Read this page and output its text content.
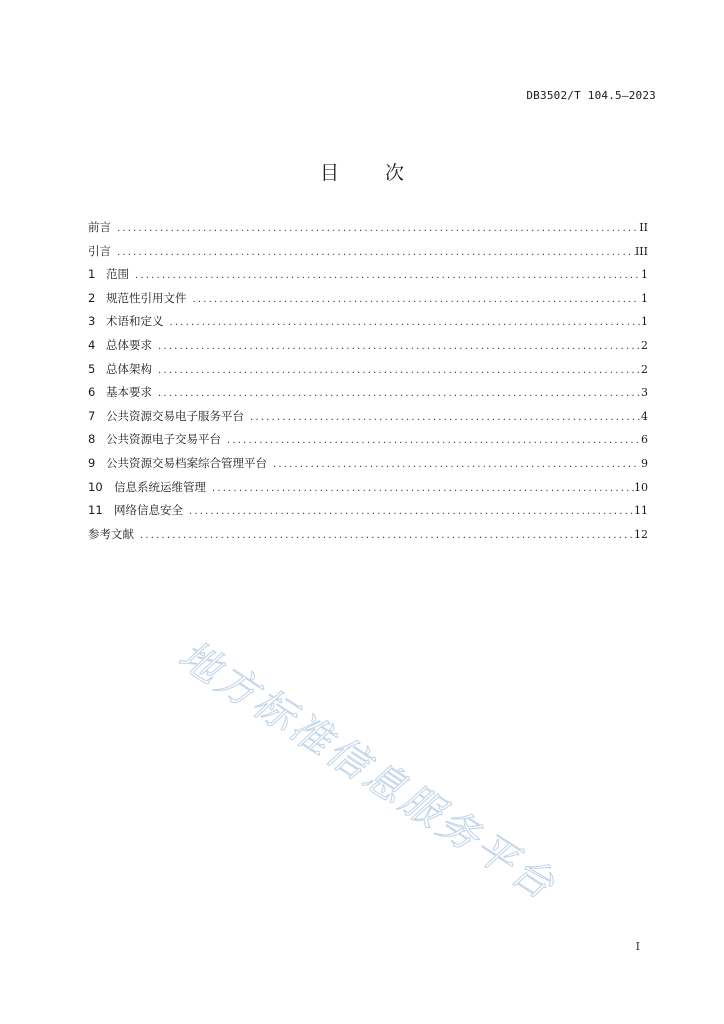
DB3502/T 104.5—2023
目 次
前言 .....	II
引言 .....	III
1 范围 .....	1
2 规范性引用文件 .....	1
3 术语和定义 .....	1
4 总体要求 .....	2
5 总体架构 .....	2
6 基本要求 .....	3
7 公共资源交易电子服务平台 .....	4
8 公共资源电子交易平台 .....	6
9 公共资源交易档案综合管理平台 .....	9
10 信息系统运维管理 .....	10
11 网络信息安全 .....	11
参考文献 .....	12
地方标准信息服务平台
I
